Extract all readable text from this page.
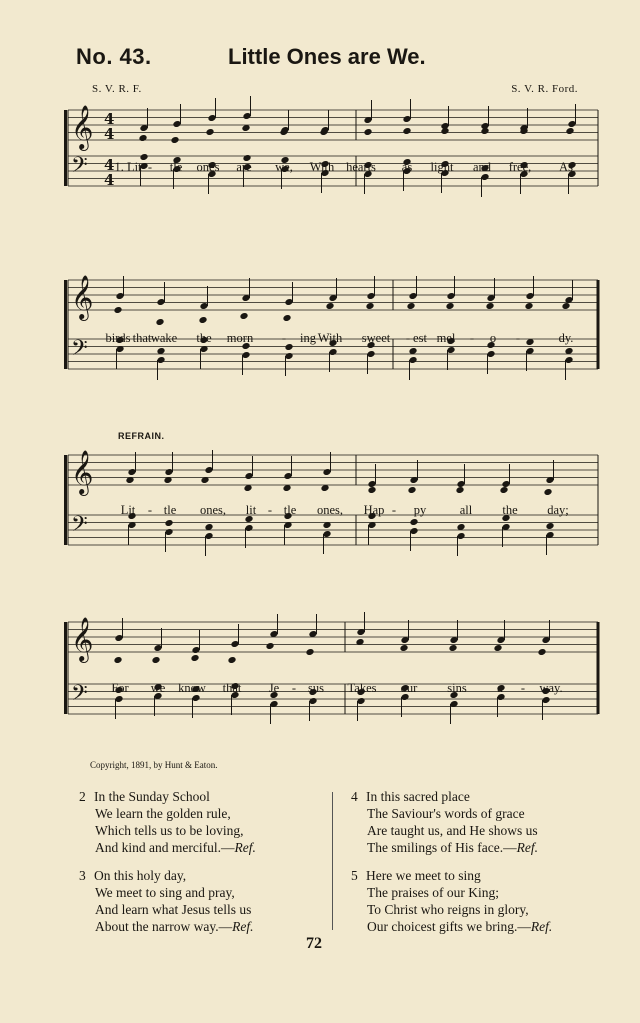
No. 43.	Little Ones are We.
S. V. R. F.	S. V. R. Ford.
REFRAIN.
𝄞
𝄢
4
4
4
4
𝄞
𝄢
𝄞
𝄢
𝄞
𝄢
1. Lit - tle ones are we, With hearts as light and free, As
birds that wake the morn - ing With sweet - est mel - o -	dy.
Lit - tle ones, lit - tle ones, Hap - py	all the day;
For we know that Je - sus Takes our sins a - way.
Copyright, 1891, by Hunt & Eaton.
2 In the Sunday School
We learn the golden rule,
Which tells us to be loving,
And kind and merciful.—Ref.
3 On this holy day,
We meet to sing and pray,
And learn what Jesus tells us
About the narrow way.—Ref.
4 In this sacred place
The Saviour's words of grace
Are taught us, and He shows us
The smilings of His face.—Ref.
5 Here we meet to sing
The praises of our King;
To Christ who reigns in glory,
Our choicest gifts we bring.—Ref.
72
